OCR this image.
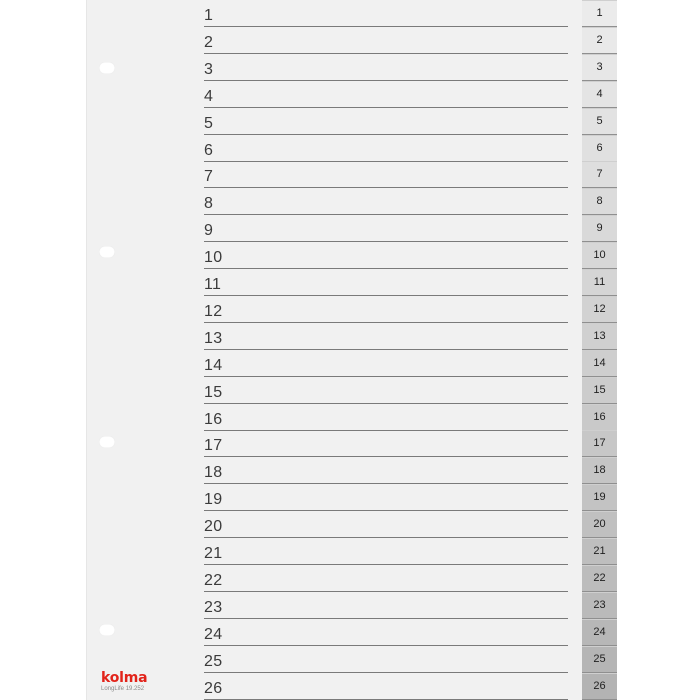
1
2
3
4
5
6
7
8
9
10
11
12
13
14
15
16
17
18
19
20
21
22
23
24
25
26
1
2
3
4
5
6
7
8
9
10
11
12
13
14
15
16
17
18
19
20
21
22
23
24
25
26
kolma
LongLife 19.252
